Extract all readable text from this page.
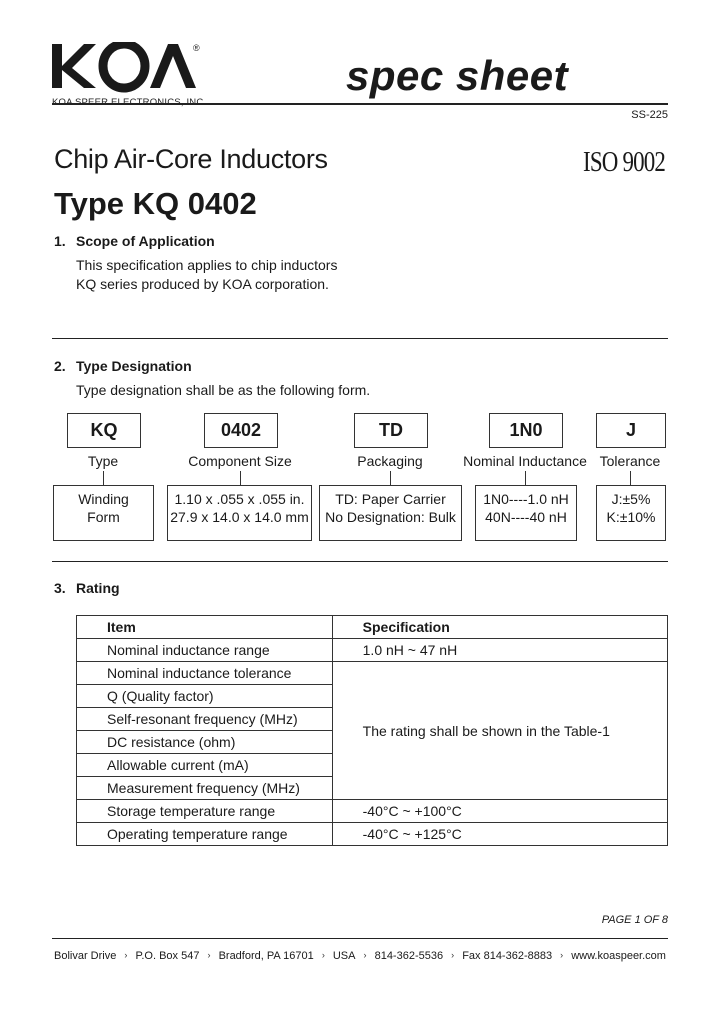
®
spec sheet
SS-225
Chip Air-Core Inductors	ISO 9002
Type KQ 0402
1. Scope of Application
This specification applies to chip inductors
KQ series produced by KOA corporation.
2. Type Designation
Type designation shall be as the following form.
KQ
Type
Winding
Form
0402
Component Size
1.10 x .055 x .055 in.
27.9 x 14.0 x 14.0 mm
TD
Packaging
TD: Paper Carrier
No Designation: Bulk
1N0
Nominal Inductance
1N0----1.0 nH
40N----40 nH
J
Tolerance
J:±5%
K:±10%
3. Rating
Item	Specification
Nominal inductance range	1.0 nH ~ 47 nH
Nominal inductance tolerance	The rating shall be shown in the Table-1
Q (Quality factor)	
Self-resonant frequency (MHz)	
DC resistance (ohm)	
Allowable current (mA)	
Measurement frequency (MHz)	
Storage temperature range	-40°C ~ +100°C
Operating temperature range	-40°C ~ +125°C
PAGE 1 OF 8
Bolivar Drive › P.O. Box 547 › Bradford, PA 16701 › USA › 814-362-5536 › Fax 814-362-8883 › www.koaspeer.com
